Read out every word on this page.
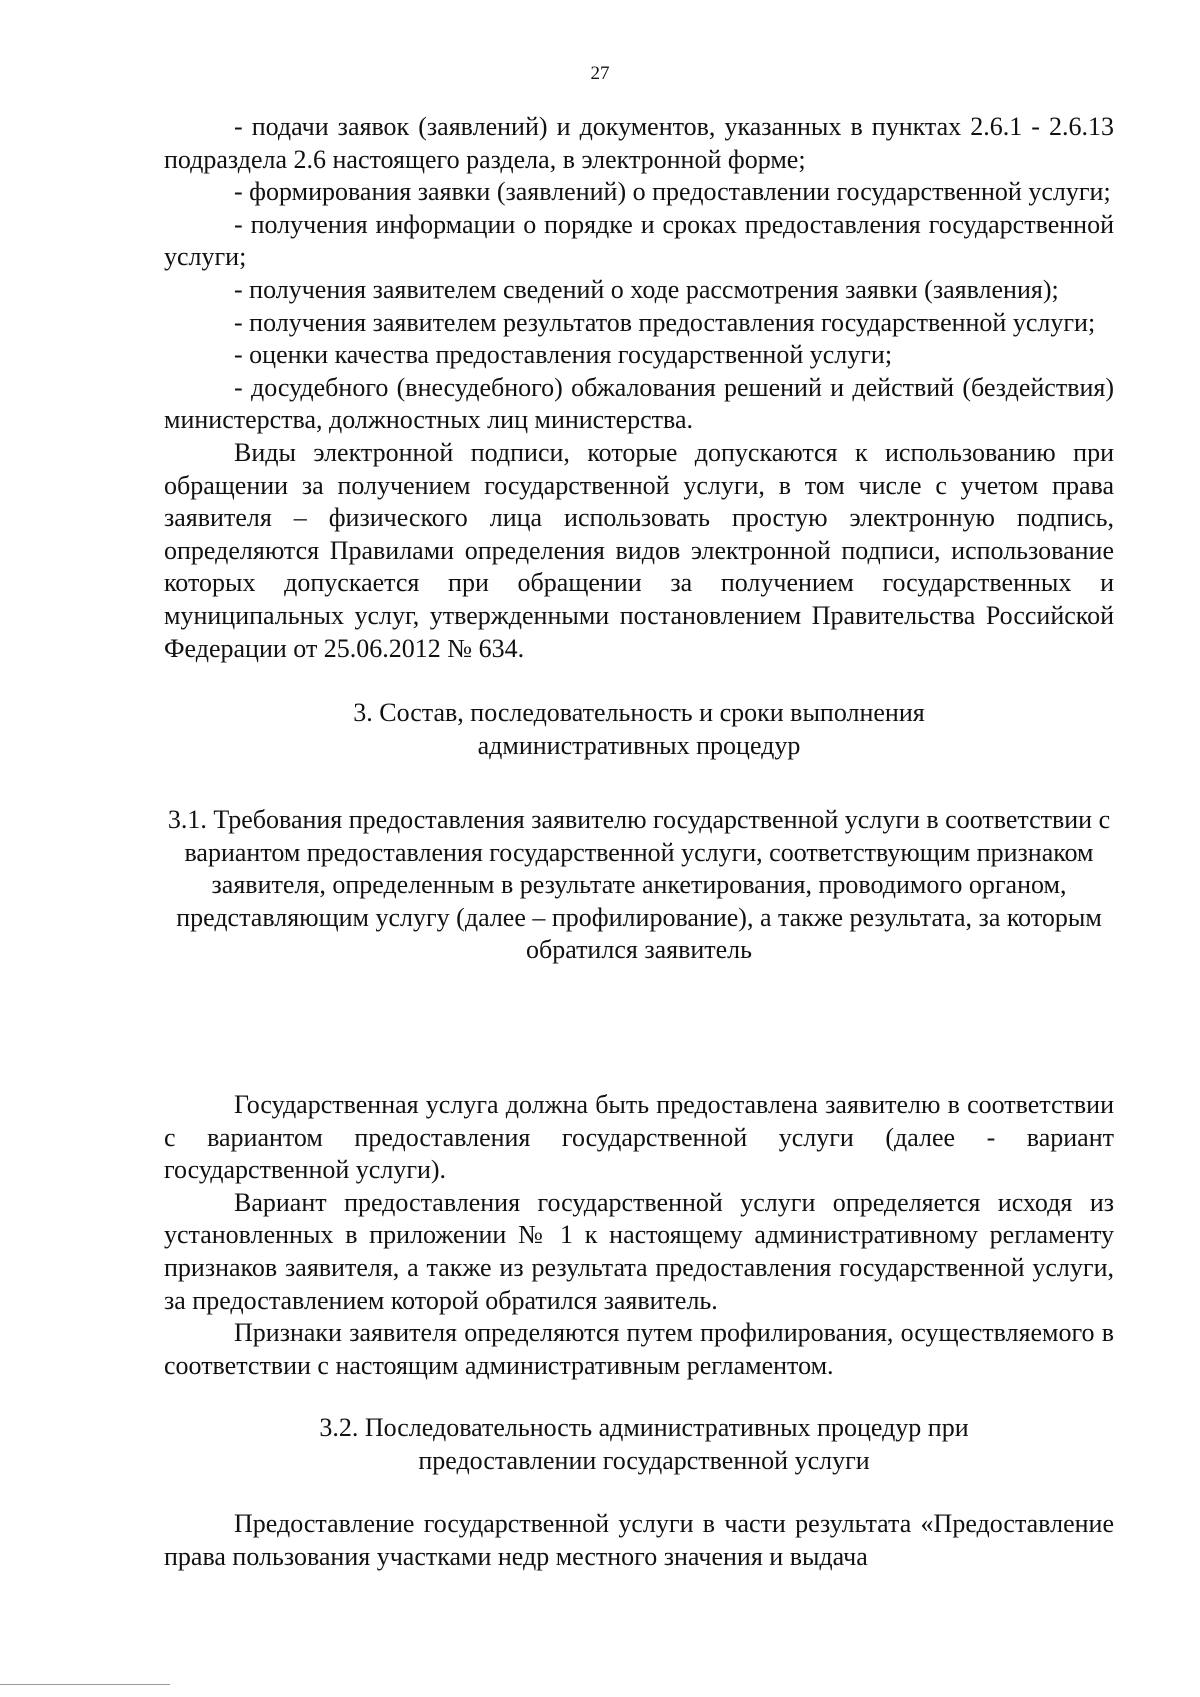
27

- подачи заявок (заявлений) и документов, указанных в пунктах 2.6.1 - 2.6.13 подраздела 2.6 настоящего раздела, в электронной форме;

- формирования заявки (заявлений) о предоставлении государственной услуги;

- получения информации о порядке и сроках предоставления государственной услуги;

- получения заявителем сведений о ходе рассмотрения заявки (заявления);

- получения заявителем результатов предоставления государственной услуги;

- оценки качества предоставления государственной услуги;

- досудебного (внесудебного) обжалования решений и действий (бездействия) министерства, должностных лиц министерства.

Виды электронной подписи, которые допускаются к использованию при обращении за получением государственной услуги, в том числе с учетом права заявителя – физического лица использовать простую электронную подпись, определяются Правилами определения видов электронной подписи, использование которых допускается при обращении за получением государственных и муниципальных услуг, утвержденными постановлением Правительства Российской Федерации от 25.06.2012 № 634.

3. Состав, последовательность и сроки выполнения административных процедур

3.1. Требования предоставления заявителю государственной услуги в соответствии с вариантом предоставления государственной услуги, соответствующим признаком заявителя, определенным в результате анкетирования, проводимого органом, представляющим услугу (далее – профилирование), а также результата, за которым обратился заявитель

Государственная услуга должна быть предоставлена заявителю в соответствии с вариантом предоставления государственной услуги (далее - вариант государственной услуги).

Вариант предоставления государственной услуги определяется исходя из установленных в приложении № 1 к настоящему административному регламенту признаков заявителя, а также из результата предоставления государственной услуги, за предоставлением которой обратился заявитель.

Признаки заявителя определяются путем профилирования, осуществляемого в соответствии с настоящим административным регламентом.

3.2. Последовательность административных процедур при предоставлении государственной услуги

Предоставление государственной услуги в части результата «Предоставление права пользования участками недр местного значения и выдача
